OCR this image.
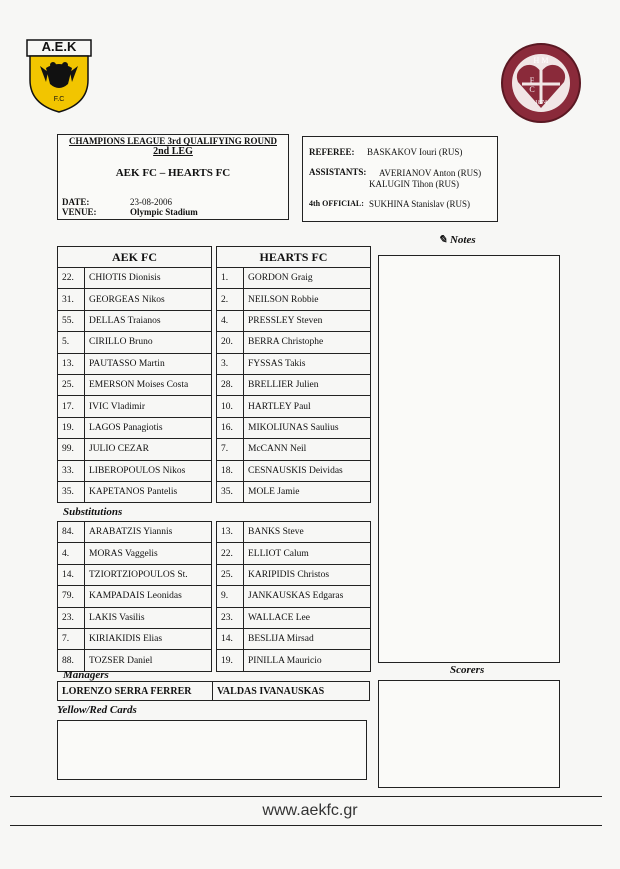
Α.Ε.Κ
F.C
H M
F C
1874
CHAMPIONS LEAGUE 3rd QUALIFYING ROUND
2nd LEG
AEK FC – HEARTS FC
DATE:	23-08-2006
VENUE:	Olympic Stadium
REFEREE: BASKAKOV Iouri (RUS)
ASSISTANTS: AVERIANOV Anton (RUS)
KALUGIN Tihon (RUS)
4th OFFICIAL: SUKHINA Stanislav (RUS)
✎ Notes
AEK FC			HEARTS FC	
22.	CHIOTIS Dionisis		1.	GORDON Graig
31.	GEORGEAS Nikos		2.	NEILSON Robbie
55.	DELLAS Traianos		4.	PRESSLEY Steven
5.	CIRILLO Bruno		20.	BERRA Christophe
13.	PAUTASSO Martin		3.	FYSSAS Takis
25.	EMERSON Moises Costa		28.	BRELLIER Julien
17.	IVIC Vladimir		10.	HARTLEY Paul
19.	LAGOS Panagiotis		16.	MIKOLIUNAS Saulius
99.	JULIO CEZAR		7.	McCANN Neil
33.	LIBEROPOULOS Nikos		18.	CESNAUSKIS Deividas
35.	KAPETANOS Pantelis		35.	MOLE Jamie
Substitutions
84.	ARABATZIS Yiannis		13.	BANKS Steve
4.	MORAS Vaggelis		22.	ELLIOT Calum
14.	TZIORTZIOPOULOS St.		25.	KARIPIDIS Christos
79.	KAMPADAIS Leonidas		9.	JANKAUSKAS Edgaras
23.	LAKIS Vasilis		23.	WALLACE Lee
7.	KIRIAKIDIS Elias		14.	BESLIJA Mirsad
88.	TOZSER Daniel		19.	PINILLA Mauricio
Managers
LORENZO SERRA FERRER	VALDAS IVANAUSKAS
Scorers
Yellow/Red Cards
www.aekfc.gr
